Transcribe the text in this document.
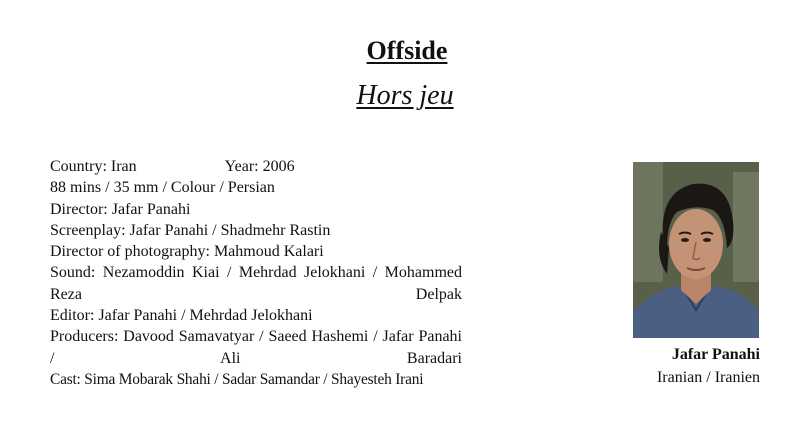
Offside
Hors jeu
Country: Iran	Year: 2006
88 mins / 35 mm / Colour / Persian
Director: Jafar Panahi
Screenplay: Jafar Panahi / Shadmehr Rastin
Director of photography: Mahmoud Kalari
Sound: Nezamoddin Kiai / Mehrdad Jelokhani / Mohammed Reza Delpak
Editor: Jafar Panahi / Mehrdad Jelokhani
Producers: Davood Samavatyar / Saeed Hashemi / Jafar Panahi / Ali Baradari
Cast: Sima Mobarak Shahi / Sadar Samandar / Shayesteh Irani
Jafar Panahi
Iranian / Iranien
